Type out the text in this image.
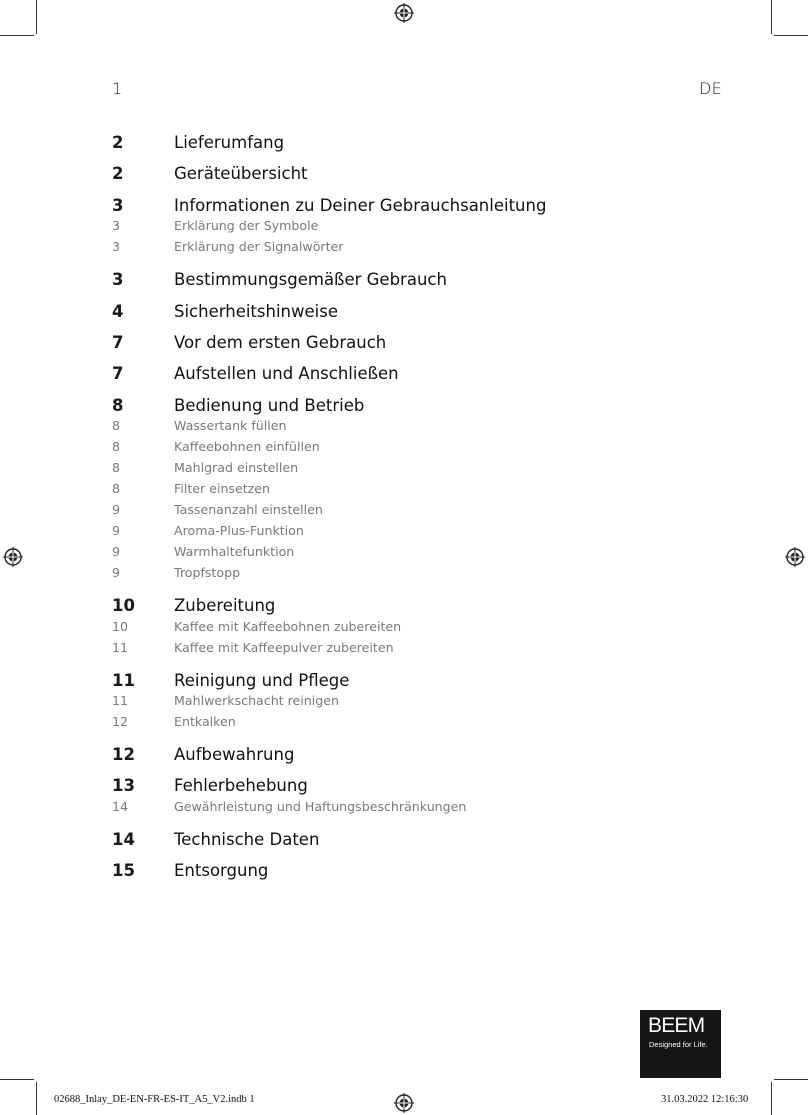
1	DE
2	Lieferumfang
2	Geräteübersicht
3	Informationen zu Deiner Gebrauchsanleitung
3	Erklärung der Symbole
3	Erklärung der Signalwörter
3	Bestimmungsgemäßer Gebrauch
4	Sicherheitshinweise
7	Vor dem ersten Gebrauch
7	Aufstellen und Anschließen
8	Bedienung und Betrieb
8	Wassertank füllen
8	Kaffeebohnen einfüllen
8	Mahlgrad einstellen
8	Filter einsetzen
9	Tassenanzahl einstellen
9	Aroma-Plus-Funktion
9	Warmhaltefunktion
9	Tropfstopp
10 Zubereitung
10	Kaffee mit Kaffeebohnen zubereiten
11	Kaffee mit Kaffeepulver zubereiten
11 Reinigung und Pflege
11	Mahlwerkschacht reinigen
12	Entkalken
12 Aufbewahrung
13 Fehlerbehebung
14	Gewährleistung und Haftungsbeschränkungen
14 Technische Daten
15 Entsorgung
BEEM
Designed for Life.
02688_Inlay_DE-EN-FR-ES-IT_A5_V2.indb 1	31.03.2022 12:16:30
